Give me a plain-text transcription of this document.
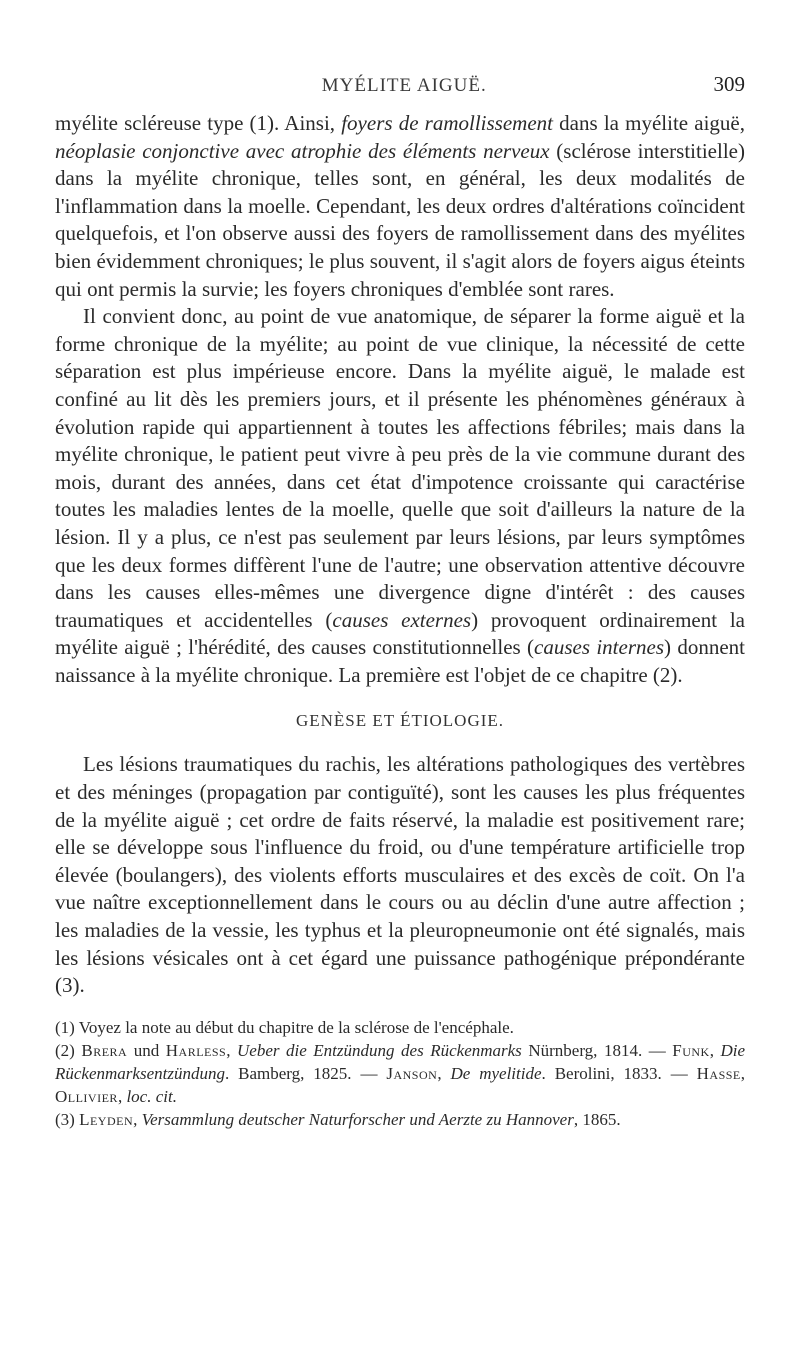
MYÉLITE AIGUË.	309

myélite scléreuse type (1). Ainsi, foyers de ramollissement dans la myélite aiguë, néoplasie conjonctive avec atrophie des éléments nerveux (sclérose interstitielle) dans la myélite chronique, telles sont, en général, les deux modalités de l'inflammation dans la moelle. Cependant, les deux ordres d'altérations coïncident quelquefois, et l'on observe aussi des foyers de ramollissement dans des myélites bien évidemment chroniques; le plus souvent, il s'agit alors de foyers aigus éteints qui ont permis la survie; les foyers chroniques d'emblée sont rares.

Il convient donc, au point de vue anatomique, de séparer la forme aiguë et la forme chronique de la myélite; au point de vue clinique, la nécessité de cette séparation est plus impérieuse encore. Dans la myélite aiguë, le malade est confiné au lit dès les premiers jours, et il présente les phénomènes généraux à évolution rapide qui appartiennent à toutes les affections fébriles; mais dans la myélite chronique, le patient peut vivre à peu près de la vie commune durant des mois, durant des années, dans cet état d'impotence croissante qui caractérise toutes les maladies lentes de la moelle, quelle que soit d'ailleurs la nature de la lésion. Il y a plus, ce n'est pas seulement par leurs lésions, par leurs symptômes que les deux formes diffèrent l'une de l'autre; une observation attentive découvre dans les causes elles-mêmes une divergence digne d'intérêt : des causes traumatiques et accidentelles (causes externes) provoquent ordinairement la myélite aiguë ; l'hérédité, des causes constitutionnelles (causes internes) donnent naissance à la myélite chronique. La première est l'objet de ce chapitre (2).

GENÈSE ET ÉTIOLOGIE.

Les lésions traumatiques du rachis, les altérations pathologiques des vertèbres et des méninges (propagation par contiguïté), sont les causes les plus fréquentes de la myélite aiguë ; cet ordre de faits réservé, la maladie est positivement rare; elle se développe sous l'influence du froid, ou d'une température artificielle trop élevée (boulangers), des violents efforts musculaires et des excès de coït. On l'a vue naître exceptionnellement dans le cours ou au déclin d'une autre affection ; les maladies de la vessie, les typhus et la pleuropneumonie ont été signalés, mais les lésions vésicales ont à cet égard une puissance pathogénique prépondérante (3).

(1) Voyez la note au début du chapitre de la sclérose de l'encéphale.

(2) Brera und Harless, Ueber die Entzündung des Rückenmarks Nürnberg, 1814. — Funk, Die Rückenmarksentzündung. Bamberg, 1825. — Janson, De myelitide. Berolini, 1833. — Hasse, Ollivier, loc. cit.

(3) Leyden, Versammlung deutscher Naturforscher und Aerzte zu Hannover, 1865.
